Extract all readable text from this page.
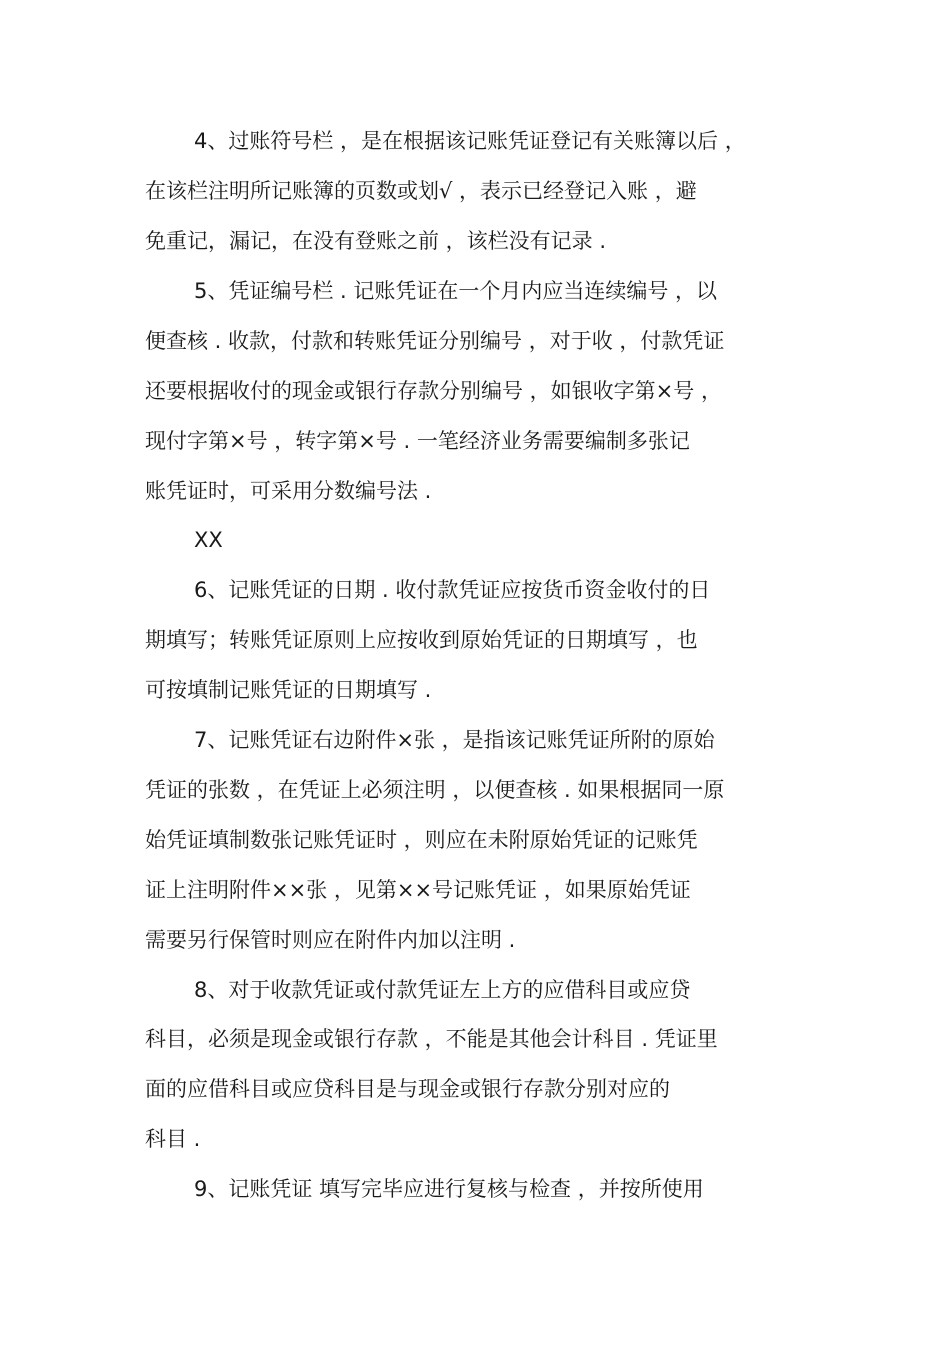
4、过账符号栏 ，是在根据该记账凭证登记有关账簿以后 ，
在该栏注明所记账簿的页数或划√ ，表示已经登记入账 ，避
免重记，漏记，在没有登账之前 ，该栏没有记录 .
5、凭证编号栏 . 记账凭证在一个月内应当连续编号 ，以
便查核 . 收款，付款和转账凭证分别编号 ，对于收 ，付款凭证
还要根据收付的现金或银行存款分别编号 ，如银收字第×号 ，
现付字第×号 ，转字第×号 . 一笔经济业务需要编制多张记
账凭证时，可采用分数编号法 .
XX
6、记账凭证的日期 . 收付款凭证应按货币资金收付的日
期填写；转账凭证原则上应按收到原始凭证的日期填写 ，也
可按填制记账凭证的日期填写 .
7、记账凭证右边附件×张 ，是指该记账凭证所附的原始
凭证的张数 ，在凭证上必须注明 ，以便查核 . 如果根据同一原
始凭证填制数张记账凭证时 ，则应在未附原始凭证的记账凭
证上注明附件××张 ，见第××号记账凭证 ，如果原始凭证
需要另行保管时则应在附件内加以注明 .
8、对于收款凭证或付款凭证左上方的应借科目或应贷
科目，必须是现金或银行存款 ，不能是其他会计科目 . 凭证里
面的应借科目或应贷科目是与现金或银行存款分别对应的
科目 .
9、记账凭证 填写完毕应进行复核与检查 ，并按所使用
